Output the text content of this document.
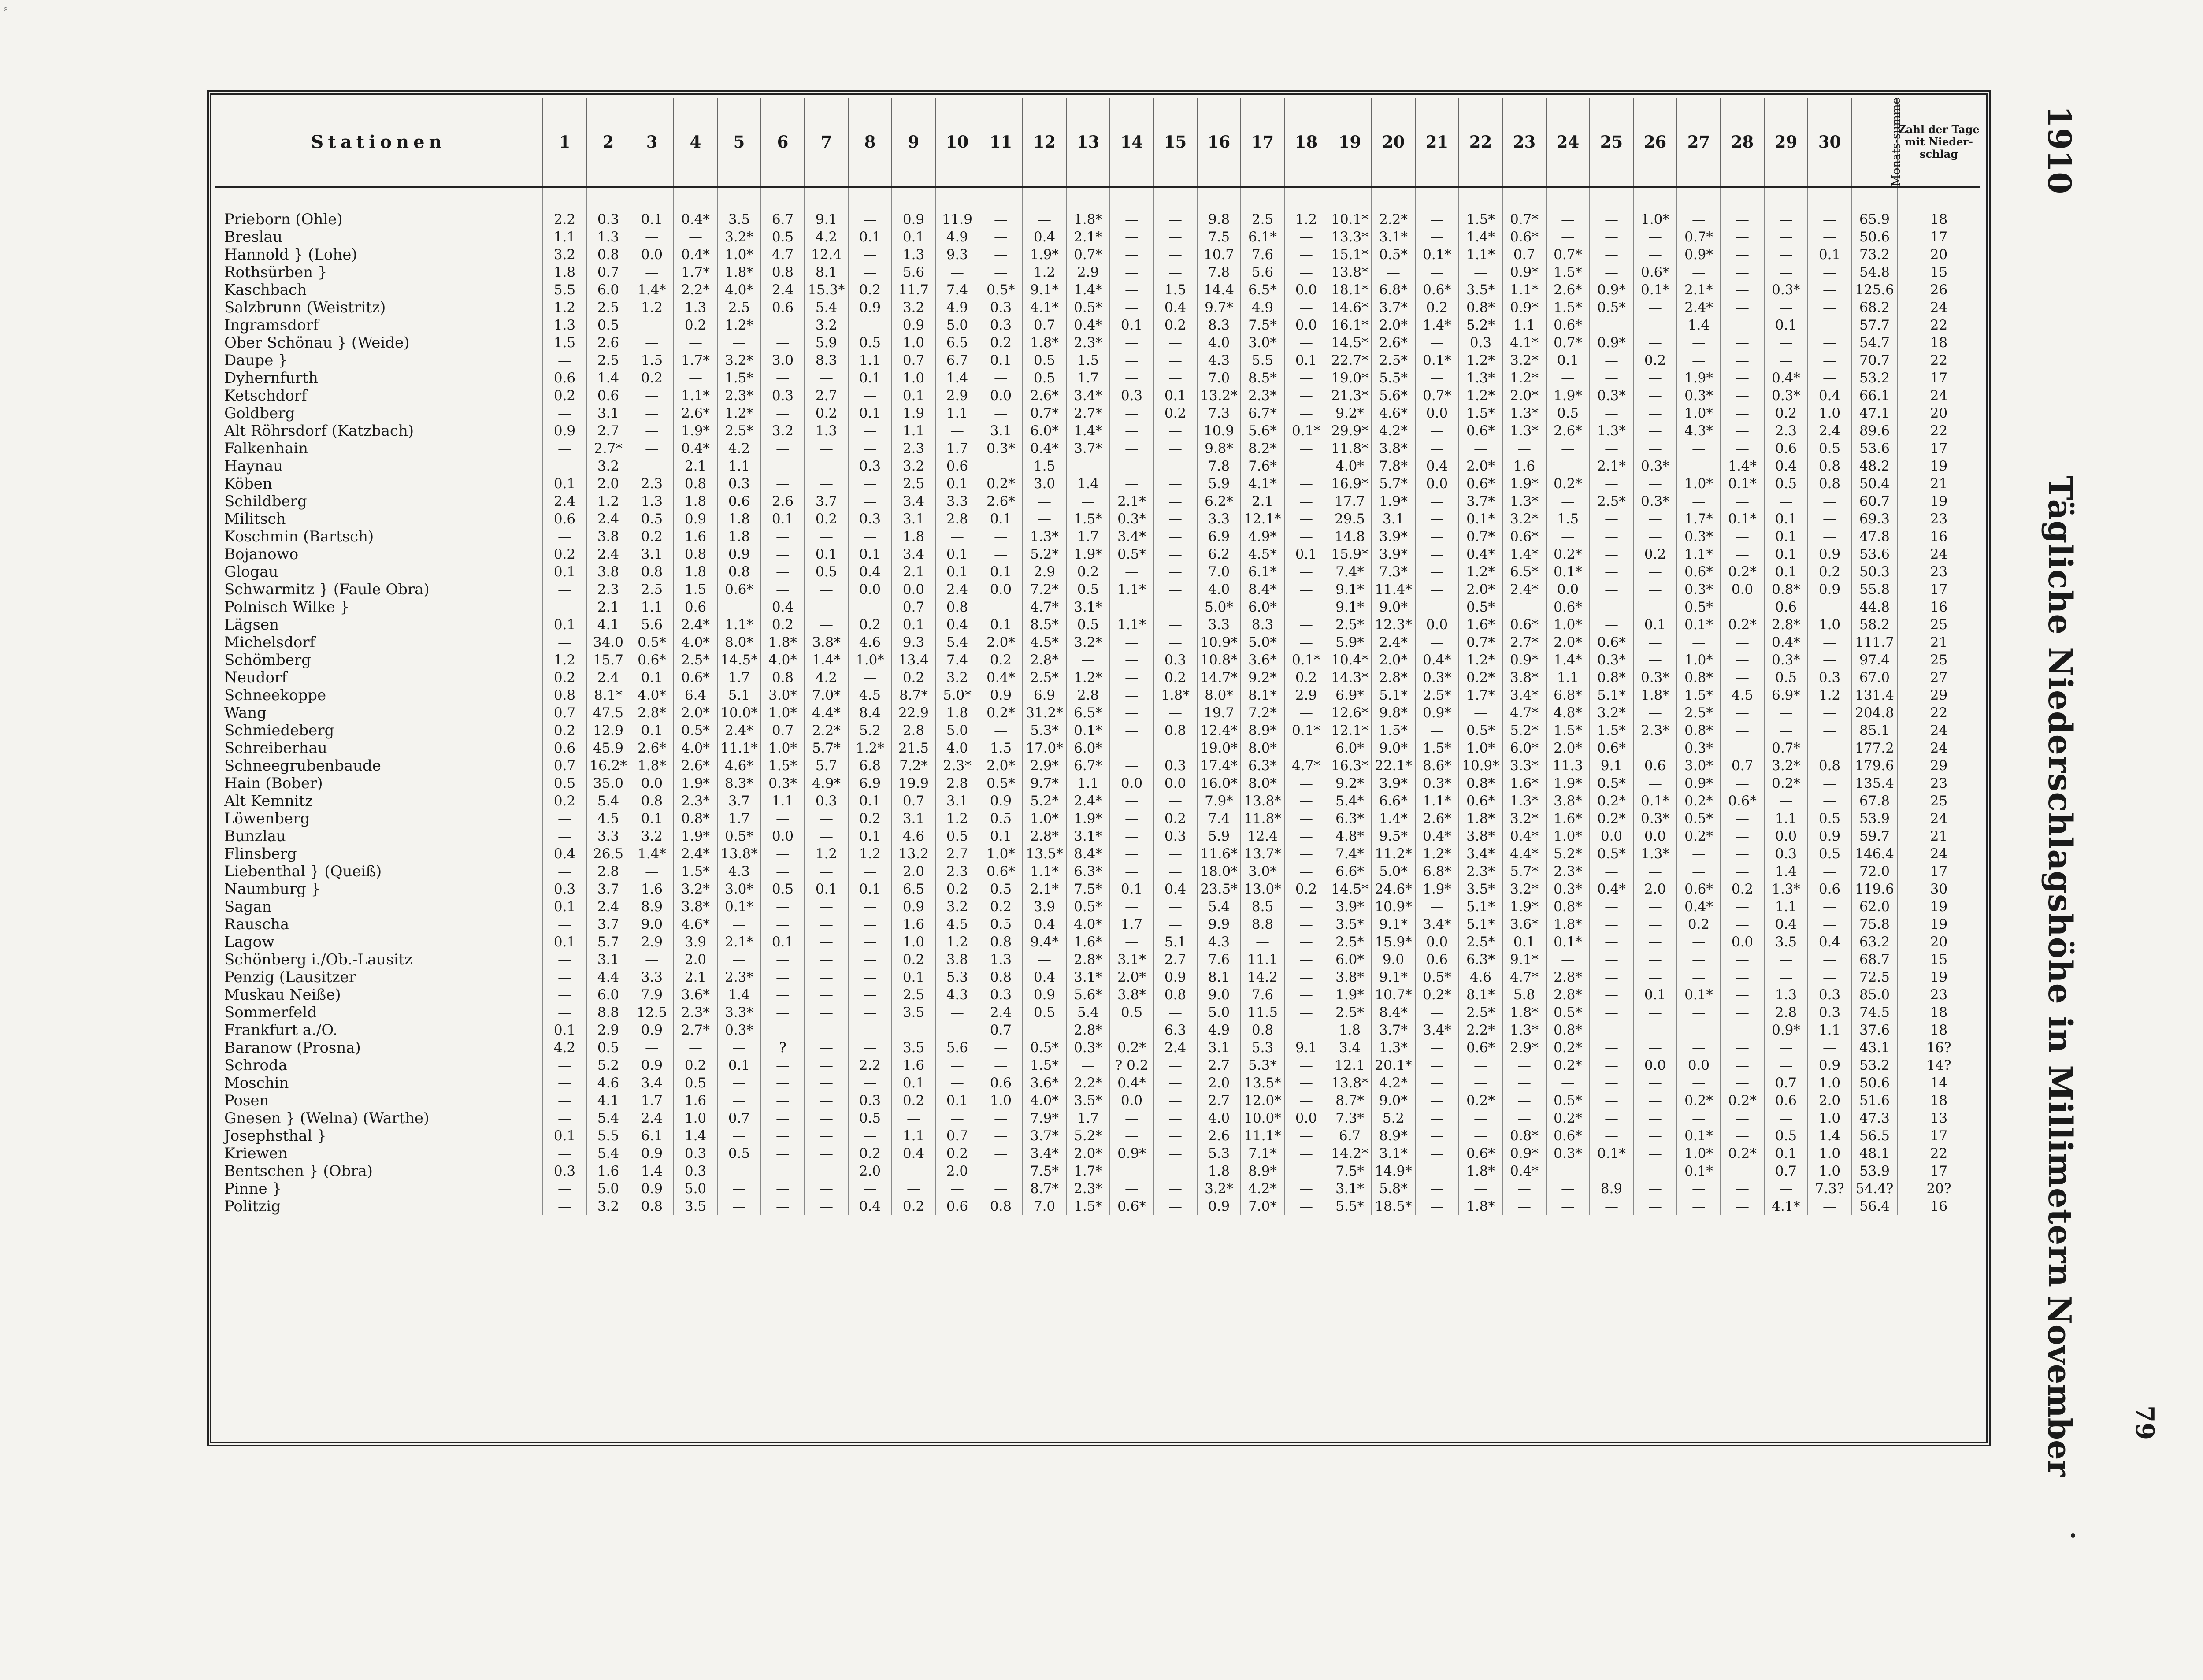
⸗
Stationen	1	2	3	4	5	6	7	8	9	10	11	12	13	14	15	16	17	18	19	20	21	22	23	24	25	26	27	28	29	30	Monats-summe	Zahl der Tage mit Nieder-schlag
Prieborn (Ohle)	2.2	0.3	0.1	0.4*	3.5	6.7	9.1	—	0.9	11.9	—	—	1.8*	—	—	9.8	2.5	1.2	10.1*	2.2*	—	1.5*	0.7*	—	—	1.0*	—	—	—	—	65.9	18
Breslau	1.1	1.3	—	—	3.2*	0.5	4.2	0.1	0.1	4.9	—	0.4	2.1*	—	—	7.5	6.1*	—	13.3*	3.1*	—	1.4*	0.6*	—	—	—	0.7*	—	—	—	50.6	17
Hannold } (Lohe)	3.2	0.8	0.0	0.4*	1.0*	4.7	12.4	—	1.3	9.3	—	1.9*	0.7*	—	—	10.7	7.6	—	15.1*	0.5*	0.1*	1.1*	0.7	0.7*	—	—	0.9*	—	—	0.1	73.2	20
Rothsürben }	1.8	0.7	—	1.7*	1.8*	0.8	8.1	—	5.6	—	—	1.2	2.9	—	—	7.8	5.6	—	13.8*	—	—	—	0.9*	1.5*	—	0.6*	—	—	—	—	54.8	15
Kaschbach	5.5	6.0	1.4*	2.2*	4.0*	2.4	15.3*	0.2	11.7	7.4	0.5*	9.1*	1.4*	—	1.5	14.4	6.5*	0.0	18.1*	6.8*	0.6*	3.5*	1.1*	2.6*	0.9*	0.1*	2.1*	—	0.3*	—	125.6	26
Salzbrunn (Weistritz)	1.2	2.5	1.2	1.3	2.5	0.6	5.4	0.9	3.2	4.9	0.3	4.1*	0.5*	—	0.4	9.7*	4.9	—	14.6*	3.7*	0.2	0.8*	0.9*	1.5*	0.5*	—	2.4*	—	—	—	68.2	24
Ingramsdorf	1.3	0.5	—	0.2	1.2*	—	3.2	—	0.9	5.0	0.3	0.7	0.4*	0.1	0.2	8.3	7.5*	0.0	16.1*	2.0*	1.4*	5.2*	1.1	0.6*	—	—	1.4	—	0.1	—	57.7	22
Ober Schönau } (Weide)	1.5	2.6	—	—	—	—	5.9	0.5	1.0	6.5	0.2	1.8*	2.3*	—	—	4.0	3.0*	—	14.5*	2.6*	—	0.3	4.1*	0.7*	0.9*	—	—	—	—	—	54.7	18
Daupe }	—	2.5	1.5	1.7*	3.2*	3.0	8.3	1.1	0.7	6.7	0.1	0.5	1.5	—	—	4.3	5.5	0.1	22.7*	2.5*	0.1*	1.2*	3.2*	0.1	—	0.2	—	—	—	—	70.7	22
Dyhernfurth	0.6	1.4	0.2	—	1.5*	—	—	0.1	1.0	1.4	—	0.5	1.7	—	—	7.0	8.5*	—	19.0*	5.5*	—	1.3*	1.2*	—	—	—	1.9*	—	0.4*	—	53.2	17
Ketschdorf	0.2	0.6	—	1.1*	2.3*	0.3	2.7	—	0.1	2.9	0.0	2.6*	3.4*	0.3	0.1	13.2*	2.3*	—	21.3*	5.6*	0.7*	1.2*	2.0*	1.9*	0.3*	—	0.3*	—	0.3*	0.4	66.1	24
Goldberg	—	3.1	—	2.6*	1.2*	—	0.2	0.1	1.9	1.1	—	0.7*	2.7*	—	0.2	7.3	6.7*	—	9.2*	4.6*	0.0	1.5*	1.3*	0.5	—	—	1.0*	—	0.2	1.0	47.1	20
Alt Röhrsdorf (Katzbach)	0.9	2.7	—	1.9*	2.5*	3.2	1.3	—	1.1	—	3.1	6.0*	1.4*	—	—	10.9	5.6*	0.1*	29.9*	4.2*	—	0.6*	1.3*	2.6*	1.3*	—	4.3*	—	2.3	2.4	89.6	22
Falkenhain	—	2.7*	—	0.4*	4.2	—	—	—	2.3	1.7	0.3*	0.4*	3.7*	—	—	9.8*	8.2*	—	11.8*	3.8*	—	—	—	—	—	—	—	—	0.6	0.5	53.6	17
Haynau	—	3.2	—	2.1	1.1	—	—	0.3	3.2	0.6	—	1.5	—	—	—	7.8	7.6*	—	4.0*	7.8*	0.4	2.0*	1.6	—	2.1*	0.3*	—	1.4*	0.4	0.8	48.2	19
Köben	0.1	2.0	2.3	0.8	0.3	—	—	—	2.5	0.1	0.2*	3.0	1.4	—	—	5.9	4.1*	—	16.9*	5.7*	0.0	0.6*	1.9*	0.2*	—	—	1.0*	0.1*	0.5	0.8	50.4	21
Schildberg	2.4	1.2	1.3	1.8	0.6	2.6	3.7	—	3.4	3.3	2.6*	—	—	2.1*	—	6.2*	2.1	—	17.7	1.9*	—	3.7*	1.3*	—	2.5*	0.3*	—	—	—	—	60.7	19
Militsch	0.6	2.4	0.5	0.9	1.8	0.1	0.2	0.3	3.1	2.8	0.1	—	1.5*	0.3*	—	3.3	12.1*	—	29.5	3.1	—	0.1*	3.2*	1.5	—	—	1.7*	0.1*	0.1	—	69.3	23
Koschmin (Bartsch)	—	3.8	0.2	1.6	1.8	—	—	—	1.8	—	—	1.3*	1.7	3.4*	—	6.9	4.9*	—	14.8	3.9*	—	0.7*	0.6*	—	—	—	0.3*	—	0.1	—	47.8	16
Bojanowo	0.2	2.4	3.1	0.8	0.9	—	0.1	0.1	3.4	0.1	—	5.2*	1.9*	0.5*	—	6.2	4.5*	0.1	15.9*	3.9*	—	0.4*	1.4*	0.2*	—	0.2	1.1*	—	0.1	0.9	53.6	24
Glogau	0.1	3.8	0.8	1.8	0.8	—	0.5	0.4	2.1	0.1	0.1	2.9	0.2	—	—	7.0	6.1*	—	7.4*	7.3*	—	1.2*	6.5*	0.1*	—	—	0.6*	0.2*	0.1	0.2	50.3	23
Schwarmitz } (Faule Obra)	—	2.3	2.5	1.5	0.6*	—	—	0.0	0.0	2.4	0.0	7.2*	0.5	1.1*	—	4.0	8.4*	—	9.1*	11.4*	—	2.0*	2.4*	0.0	—	—	0.3*	0.0	0.8*	0.9	55.8	17
Polnisch Wilke }	—	2.1	1.1	0.6	—	0.4	—	—	0.7	0.8	—	4.7*	3.1*	—	—	5.0*	6.0*	—	9.1*	9.0*	—	0.5*	—	0.6*	—	—	0.5*	—	0.6	—	44.8	16
Lägsen	0.1	4.1	5.6	2.4*	1.1*	0.2	—	0.2	0.1	0.4	0.1	8.5*	0.5	1.1*	—	3.3	8.3	—	2.5*	12.3*	0.0	1.6*	0.6*	1.0*	—	0.1	0.1*	0.2*	2.8*	1.0	58.2	25
Michelsdorf	—	34.0	0.5*	4.0*	8.0*	1.8*	3.8*	4.6	9.3	5.4	2.0*	4.5*	3.2*	—	—	10.9*	5.0*	—	5.9*	2.4*	—	0.7*	2.7*	2.0*	0.6*	—	—	—	0.4*	—	111.7	21
Schömberg	1.2	15.7	0.6*	2.5*	14.5*	4.0*	1.4*	1.0*	13.4	7.4	0.2	2.8*	—	—	0.3	10.8*	3.6*	0.1*	10.4*	2.0*	0.4*	1.2*	0.9*	1.4*	0.3*	—	1.0*	—	0.3*	—	97.4	25
Neudorf	0.2	2.4	0.1	0.6*	1.7	0.8	4.2	—	0.2	3.2	0.4*	2.5*	1.2*	—	0.2	14.7*	9.2*	0.2	14.3*	2.8*	0.3*	0.2*	3.8*	1.1	0.8*	0.3*	0.8*	—	0.5	0.3	67.0	27
Schneekoppe	0.8	8.1*	4.0*	6.4	5.1	3.0*	7.0*	4.5	8.7*	5.0*	0.9	6.9	2.8	—	1.8*	8.0*	8.1*	2.9	6.9*	5.1*	2.5*	1.7*	3.4*	6.8*	5.1*	1.8*	1.5*	4.5	6.9*	1.2	131.4	29
Wang	0.7	47.5	2.8*	2.0*	10.0*	1.0*	4.4*	8.4	22.9	1.8	0.2*	31.2*	6.5*	—	—	19.7	7.2*	—	12.6*	9.8*	0.9*	—	4.7*	4.8*	3.2*	—	2.5*	—	—	—	204.8	22
Schmiedeberg	0.2	12.9	0.1	0.5*	2.4*	0.7	2.2*	5.2	2.8	5.0	—	5.3*	0.1*	—	0.8	12.4*	8.9*	0.1*	12.1*	1.5*	—	0.5*	5.2*	1.5*	1.5*	2.3*	0.8*	—	—	—	85.1	24
Schreiberhau	0.6	45.9	2.6*	4.0*	11.1*	1.0*	5.7*	1.2*	21.5	4.0	1.5	17.0*	6.0*	—	—	19.0*	8.0*	—	6.0*	9.0*	1.5*	1.0*	6.0*	2.0*	0.6*	—	0.3*	—	0.7*	—	177.2	24
Schneegrubenbaude	0.7	16.2*	1.8*	2.6*	4.6*	1.5*	5.7	6.8	7.2*	2.3*	2.0*	2.9*	6.7*	—	0.3	17.4*	6.3*	4.7*	16.3*	22.1*	8.6*	10.9*	3.3*	11.3	9.1	0.6	3.0*	0.7	3.2*	0.8	179.6	29
Hain (Bober)	0.5	35.0	0.0	1.9*	8.3*	0.3*	4.9*	6.9	19.9	2.8	0.5*	9.7*	1.1	0.0	0.0	16.0*	8.0*	—	9.2*	3.9*	0.3*	0.8*	1.6*	1.9*	0.5*	—	0.9*	—	0.2*	—	135.4	23
Alt Kemnitz	0.2	5.4	0.8	2.3*	3.7	1.1	0.3	0.1	0.7	3.1	0.9	5.2*	2.4*	—	—	7.9*	13.8*	—	5.4*	6.6*	1.1*	0.6*	1.3*	3.8*	0.2*	0.1*	0.2*	0.6*	—	—	67.8	25
Löwenberg	—	4.5	0.1	0.8*	1.7	—	—	0.2	3.1	1.2	0.5	1.0*	1.9*	—	0.2	7.4	11.8*	—	6.3*	1.4*	2.6*	1.8*	3.2*	1.6*	0.2*	0.3*	0.5*	—	1.1	0.5	53.9	24
Bunzlau	—	3.3	3.2	1.9*	0.5*	0.0	—	0.1	4.6	0.5	0.1	2.8*	3.1*	—	0.3	5.9	12.4	—	4.8*	9.5*	0.4*	3.8*	0.4*	1.0*	0.0	0.0	0.2*	—	0.0	0.9	59.7	21
Flinsberg	0.4	26.5	1.4*	2.4*	13.8*	—	1.2	1.2	13.2	2.7	1.0*	13.5*	8.4*	—	—	11.6*	13.7*	—	7.4*	11.2*	1.2*	3.4*	4.4*	5.2*	0.5*	1.3*	—	—	0.3	0.5	146.4	24
Liebenthal } (Queiß)	—	2.8	—	1.5*	4.3	—	—	—	2.0	2.3	0.6*	1.1*	6.3*	—	—	18.0*	3.0*	—	6.6*	5.0*	6.8*	2.3*	5.7*	2.3*	—	—	—	—	1.4	—	72.0	17
Naumburg }	0.3	3.7	1.6	3.2*	3.0*	0.5	0.1	0.1	6.5	0.2	0.5	2.1*	7.5*	0.1	0.4	23.5*	13.0*	0.2	14.5*	24.6*	1.9*	3.5*	3.2*	0.3*	0.4*	2.0	0.6*	0.2	1.3*	0.6	119.6	30
Sagan	0.1	2.4	8.9	3.8*	0.1*	—	—	—	0.9	3.2	0.2	3.9	0.5*	—	—	5.4	8.5	—	3.9*	10.9*	—	5.1*	1.9*	0.8*	—	—	0.4*	—	1.1	—	62.0	19
Rauscha	—	3.7	9.0	4.6*	—	—	—	—	1.6	4.5	0.5	0.4	4.0*	1.7	—	9.9	8.8	—	3.5*	9.1*	3.4*	5.1*	3.6*	1.8*	—	—	0.2	—	0.4	—	75.8	19
Lagow	0.1	5.7	2.9	3.9	2.1*	0.1	—	—	1.0	1.2	0.8	9.4*	1.6*	—	5.1	4.3	—	—	2.5*	15.9*	0.0	2.5*	0.1	0.1*	—	—	—	0.0	3.5	0.4	63.2	20
Schönberg i./Ob.-Lausitz	—	3.1	—	2.0	—	—	—	—	0.2	3.8	1.3	—	2.8*	3.1*	2.7	7.6	11.1	—	6.0*	9.0	0.6	6.3*	9.1*	—	—	—	—	—	—	—	68.7	15
Penzig (Lausitzer	—	4.4	3.3	2.1	2.3*	—	—	—	0.1	5.3	0.8	0.4	3.1*	2.0*	0.9	8.1	14.2	—	3.8*	9.1*	0.5*	4.6	4.7*	2.8*	—	—	—	—	—	—	72.5	19
Muskau Neiße)	—	6.0	7.9	3.6*	1.4	—	—	—	2.5	4.3	0.3	0.9	5.6*	3.8*	0.8	9.0	7.6	—	1.9*	10.7*	0.2*	8.1*	5.8	2.8*	—	0.1	0.1*	—	1.3	0.3	85.0	23
Sommerfeld	—	8.8	12.5	2.3*	3.3*	—	—	—	3.5	—	2.4	0.5	5.4	0.5	—	5.0	11.5	—	2.5*	8.4*	—	2.5*	1.8*	0.5*	—	—	—	—	2.8	0.3	74.5	18
Frankfurt a./O.	0.1	2.9	0.9	2.7*	0.3*	—	—	—	—	—	0.7	—	2.8*	—	6.3	4.9	0.8	—	1.8	3.7*	3.4*	2.2*	1.3*	0.8*	—	—	—	—	0.9*	1.1	37.6	18
Baranow (Prosna)	4.2	0.5	—	—	—	?	—	—	3.5	5.6	—	0.5*	0.3*	0.2*	2.4	3.1	5.3	9.1	3.4	1.3*	—	0.6*	2.9*	0.2*	—	—	—	—	—	—	43.1	16?
Schroda	—	5.2	0.9	0.2	0.1	—	—	2.2	1.6	—	—	1.5*	—	? 0.2	—	2.7	5.3*	—	12.1	20.1*	—	—	—	0.2*	—	0.0	0.0	—	—	0.9	53.2	14?
Moschin	—	4.6	3.4	0.5	—	—	—	—	0.1	—	0.6	3.6*	2.2*	0.4*	—	2.0	13.5*	—	13.8*	4.2*	—	—	—	—	—	—	—	—	0.7	1.0	50.6	14
Posen	—	4.1	1.7	1.6	—	—	—	0.3	0.2	0.1	1.0	4.0*	3.5*	0.0	—	2.7	12.0*	—	8.7*	9.0*	—	0.2*	—	0.5*	—	—	0.2*	0.2*	0.6	2.0	51.6	18
Gnesen } (Welna) (Warthe)	—	5.4	2.4	1.0	0.7	—	—	0.5	—	—	—	7.9*	1.7	—	—	4.0	10.0*	0.0	7.3*	5.2	—	—	—	0.2*	—	—	—	—	—	1.0	47.3	13
Josephsthal }	0.1	5.5	6.1	1.4	—	—	—	—	1.1	0.7	—	3.7*	5.2*	—	—	2.6	11.1*	—	6.7	8.9*	—	—	0.8*	0.6*	—	—	0.1*	—	0.5	1.4	56.5	17
Kriewen	—	5.4	0.9	0.3	0.5	—	—	0.2	0.4	0.2	—	3.4*	2.0*	0.9*	—	5.3	7.1*	—	14.2*	3.1*	—	0.6*	0.9*	0.3*	0.1*	—	1.0*	0.2*	0.1	1.0	48.1	22
Bentschen } (Obra)	0.3	1.6	1.4	0.3	—	—	—	2.0	—	2.0	—	7.5*	1.7*	—	—	1.8	8.9*	—	7.5*	14.9*	—	1.8*	0.4*	—	—	—	0.1*	—	0.7	1.0	53.9	17
Pinne }	—	5.0	0.9	5.0	—	—	—	—	—	—	—	8.7*	2.3*	—	—	3.2*	4.2*	—	3.1*	5.8*	—	—	—	—	8.9	—	—	—	—	7.3?	54.4?	20?
Politzig	—	3.2	0.8	3.5	—	—	—	0.4	0.2	0.6	0.8	7.0	1.5*	0.6*	—	0.9	7.0*	—	5.5*	18.5*	—	1.8*	—	—	—	—	—	—	4.1*	—	56.4	16
1910
Tägliche Niederschlagshöhe in Millimetern
November 79
